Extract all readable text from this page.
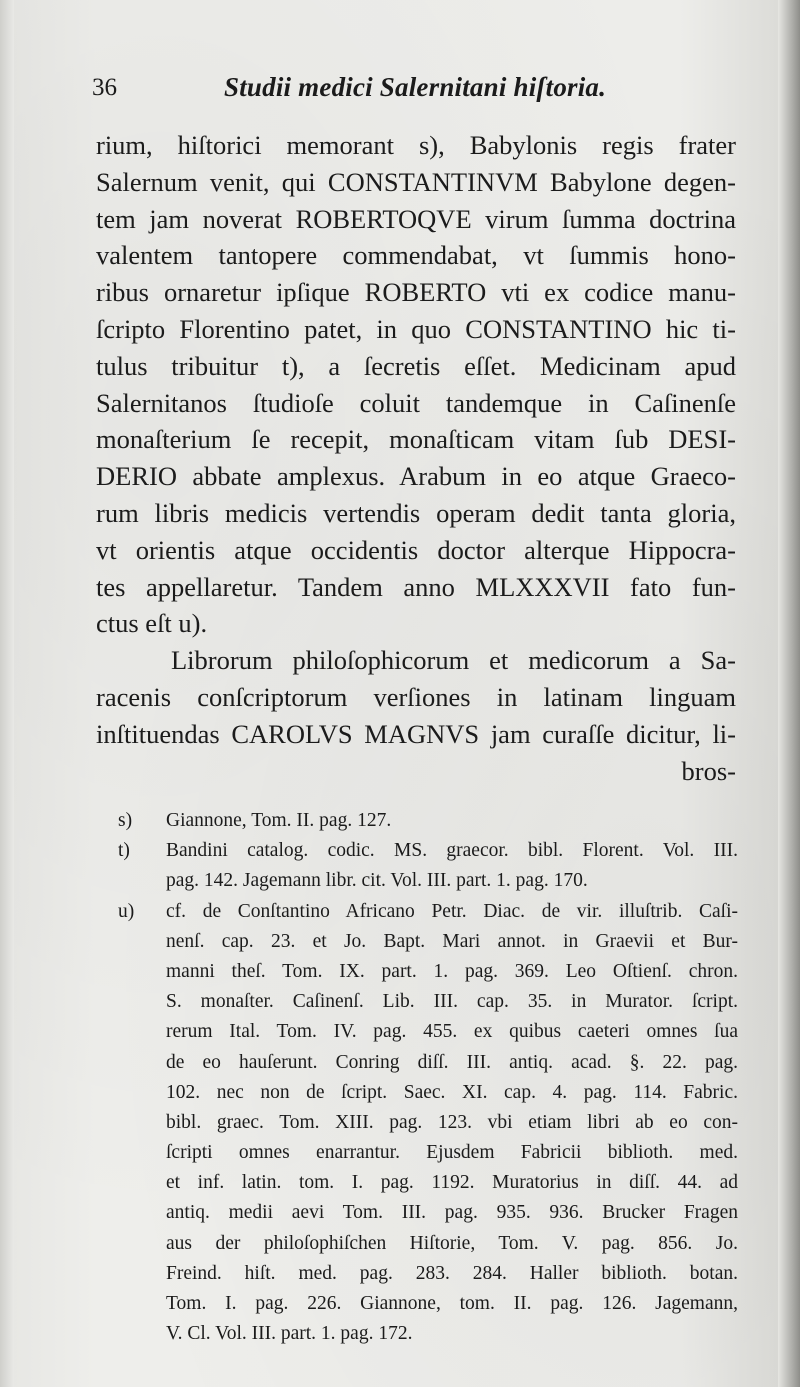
36	Studii medici Salernitani hiſtoria.
rium, hiſtorici memorant s), Babylonis regis frater
Salernum venit, qui CONSTANTINVM Babylone degen-
tem jam noverat ROBERTOQVE virum ſumma doctrina
valentem tantopere commendabat, vt ſummis hono-
ribus ornaretur ipſique ROBERTO vti ex codice manu-
ſcripto Florentino patet, in quo CONSTANTINO hic ti-
tulus tribuitur t), a ſecretis eſſet. Medicinam apud
Salernitanos ſtudioſe coluit tandemque in Caſinenſe
monaſterium ſe recepit, monaſticam vitam ſub DESI-
DERIO abbate amplexus. Arabum in eo atque Graeco-
rum libris medicis vertendis operam dedit tanta gloria,
vt orientis atque occidentis doctor alterque Hippocra-
tes appellaretur. Tandem anno MLXXXVII fato fun-
ctus eſt u).
Librorum philoſophicorum et medicorum a Sa-
racenis conſcriptorum verſiones in latinam linguam
inſtituendas CAROLVS MAGNVS jam curaſſe dicitur, li-
bros-
s)	Giannone, Tom. II. pag. 127.
t)	Bandini catalog. codic. MS. graecor. bibl. Florent. Vol. III.
pag. 142. Jagemann libr. cit. Vol. III. part. 1. pag. 170.
u)	cf. de Conſtantino Africano Petr. Diac. de vir. illuſtrib. Caſi-
nenſ. cap. 23. et Jo. Bapt. Mari annot. in Graevii et Bur-
manni theſ. Tom. IX. part. 1. pag. 369. Leo Oſtienſ. chron.
S. monaſter. Caſinenſ. Lib. III. cap. 35. in Murator. ſcript.
rerum Ital. Tom. IV. pag. 455. ex quibus caeteri omnes ſua
de eo hauſerunt. Conring diſſ. III. antiq. acad. §. 22. pag.
102. nec non de ſcript. Saec. XI. cap. 4. pag. 114. Fabric.
bibl. graec. Tom. XIII. pag. 123. vbi etiam libri ab eo con-
ſcripti omnes enarrantur. Ejusdem Fabricii biblioth. med.
et inf. latin. tom. I. pag. 1192. Muratorius in diſſ. 44. ad
antiq. medii aevi Tom. III. pag. 935. 936. Brucker Fragen
aus der philoſophiſchen Hiſtorie, Tom. V. pag. 856. Jo.
Freind. hiſt. med. pag. 283. 284. Haller biblioth. botan.
Tom. I. pag. 226. Giannone, tom. II. pag. 126. Jagemann,
V. Cl. Vol. III. part. 1. pag. 172.
